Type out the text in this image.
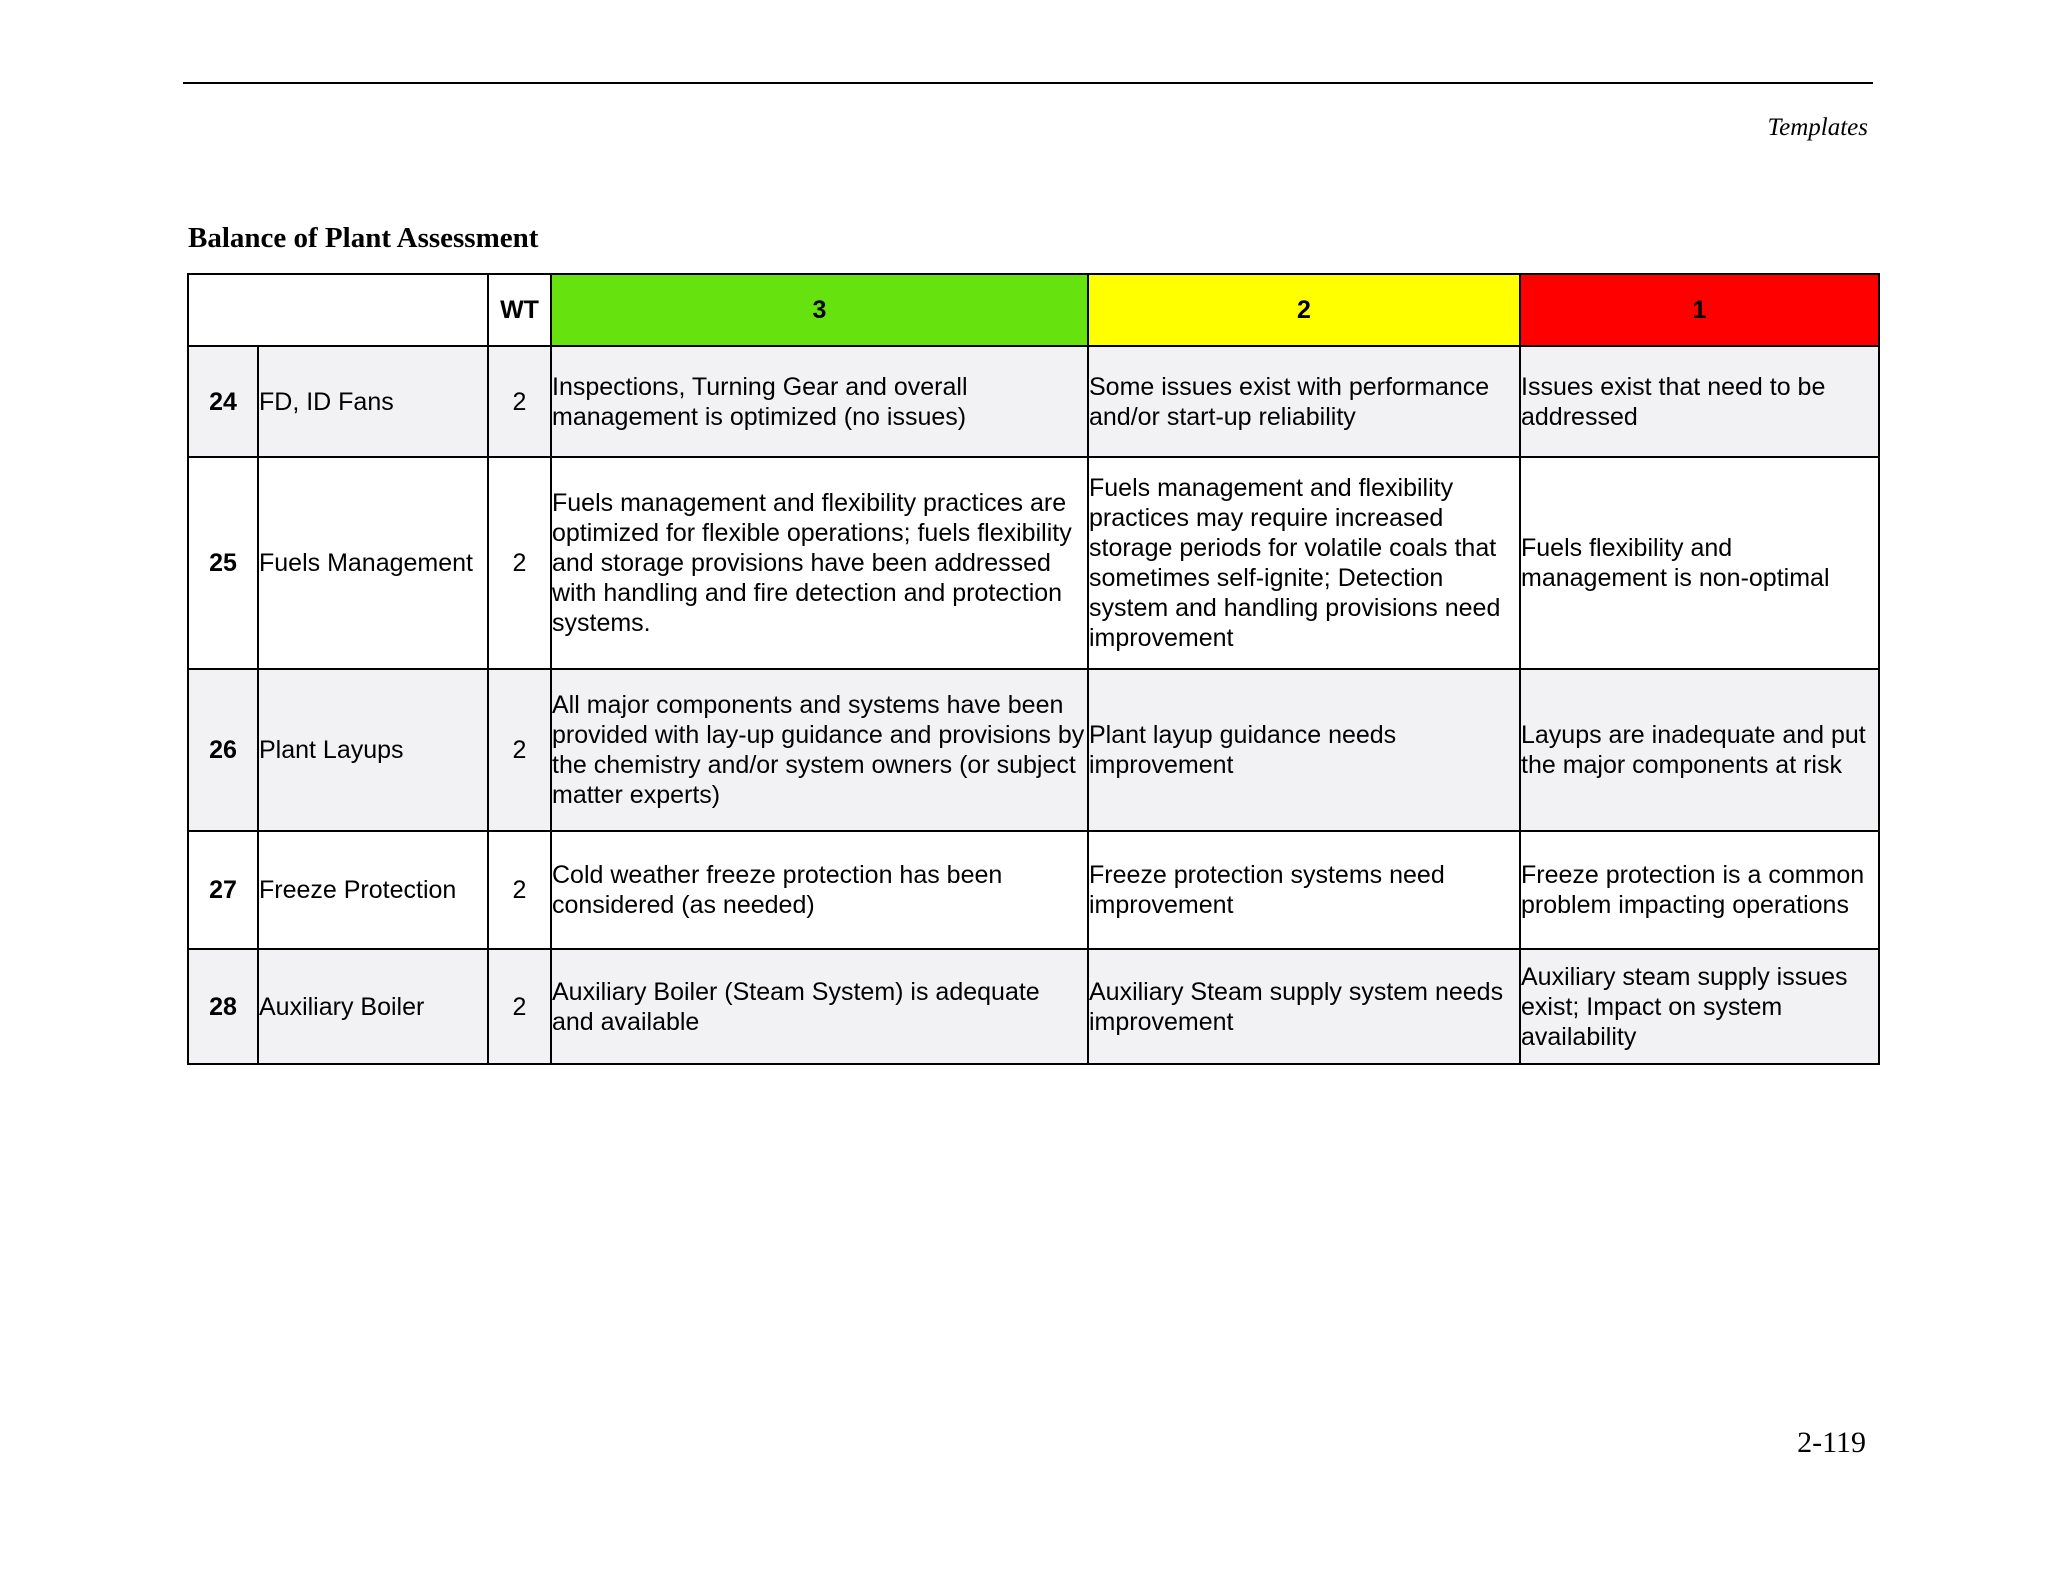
Templates
Balance of Plant Assessment
		WT	3	2	1
24	FD, ID Fans	2	Inspections, Turning Gear and overall management is optimized (no issues)	Some issues exist with performance and/or start-up reliability	Issues exist that need to be addressed
25	Fuels Management	2	Fuels management and flexibility practices are optimized for flexible operations; fuels flexibility and storage provisions have been addressed with handling and fire detection and protection systems.	Fuels management and flexibility practices may require increased storage periods for volatile coals that sometimes self-ignite; Detection system and handling provisions need improvement	Fuels flexibility and management is non-optimal
26	Plant Layups	2	All major components and systems have been provided with lay-up guidance and provisions by the chemistry and/or system owners (or subject matter experts)	Plant layup guidance needs improvement	Layups are inadequate and put the major components at risk
27	Freeze Protection	2	Cold weather freeze protection has been considered (as needed)	Freeze protection systems need improvement	Freeze protection is a common problem impacting operations
28	Auxiliary Boiler	2	Auxiliary Boiler (Steam System) is adequate and available	Auxiliary Steam supply system needs improvement	Auxiliary steam supply issues exist; Impact on system availability
2-119
